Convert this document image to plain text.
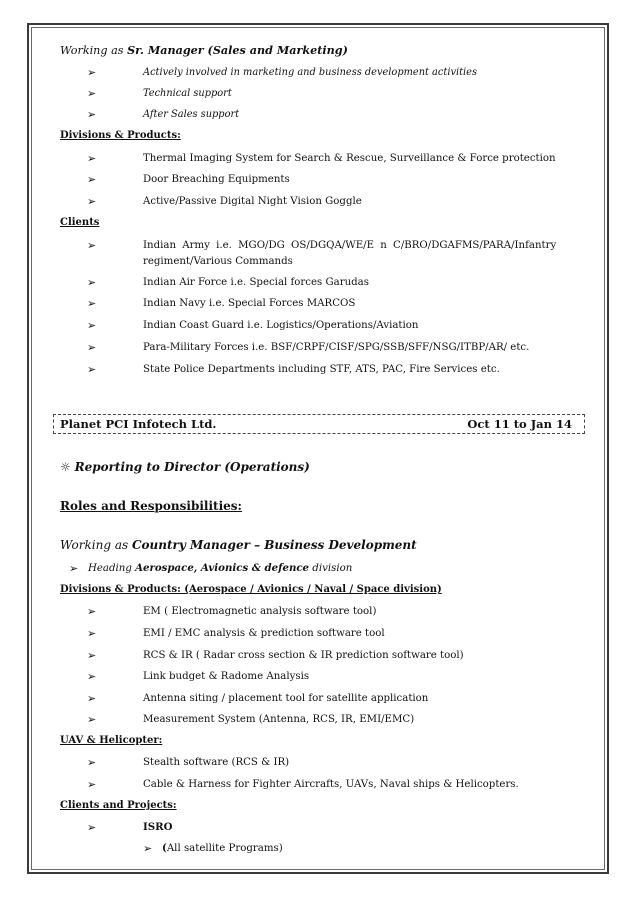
Working as Sr. Manager (Sales and Marketing)
➢	Actively involved in marketing and business development activities
➢	Technical support
➢	After Sales support
Divisions & Products:
➢	Thermal Imaging System for Search & Rescue, Surveillance & Force protection
➢	Door Breaching Equipments
➢	Active/Passive Digital Night Vision Goggle
Clients
➢	Indian Army i.e. MGO/DG OS/DGQA/WE/E n C/BRO/DGAFMS/PARA/Infantry
regiment/Various Commands
➢	Indian Air Force i.e. Special forces Garudas
➢	Indian Navy i.e. Special Forces MARCOS
➢	Indian Coast Guard i.e. Logistics/Operations/Aviation
➢	Para-Military Forces i.e. BSF/CRPF/CISF/SPG/SSB/SFF/NSG/ITBP/AR/ etc.
➢	State Police Departments including STF, ATS, PAC, Fire Services etc.
Planet PCI Infotech Ltd.	Oct 11 to Jan 14
☼ Reporting to Director (Operations)
Roles and Responsibilities:
Working as Country Manager – Business Development
➢ Heading Aerospace, Avionics & defence division
Divisions & Products: (Aerospace / Avionics / Naval / Space division)
➢	EM ( Electromagnetic analysis software tool)
➢	EMI / EMC analysis & prediction software tool
➢	RCS & IR ( Radar cross section & IR prediction software tool)
➢	Link budget & Radome Analysis
➢	Antenna siting / placement tool for satellite application
➢	Measurement System (Antenna, RCS, IR, EMI/EMC)
UAV & Helicopter:
➢	Stealth software (RCS & IR)
➢	Cable & Harness for Fighter Aircrafts, UAVs, Naval ships & Helicopters.
Clients and Projects:
➢	ISRO
➢ (All satellite Programs)
